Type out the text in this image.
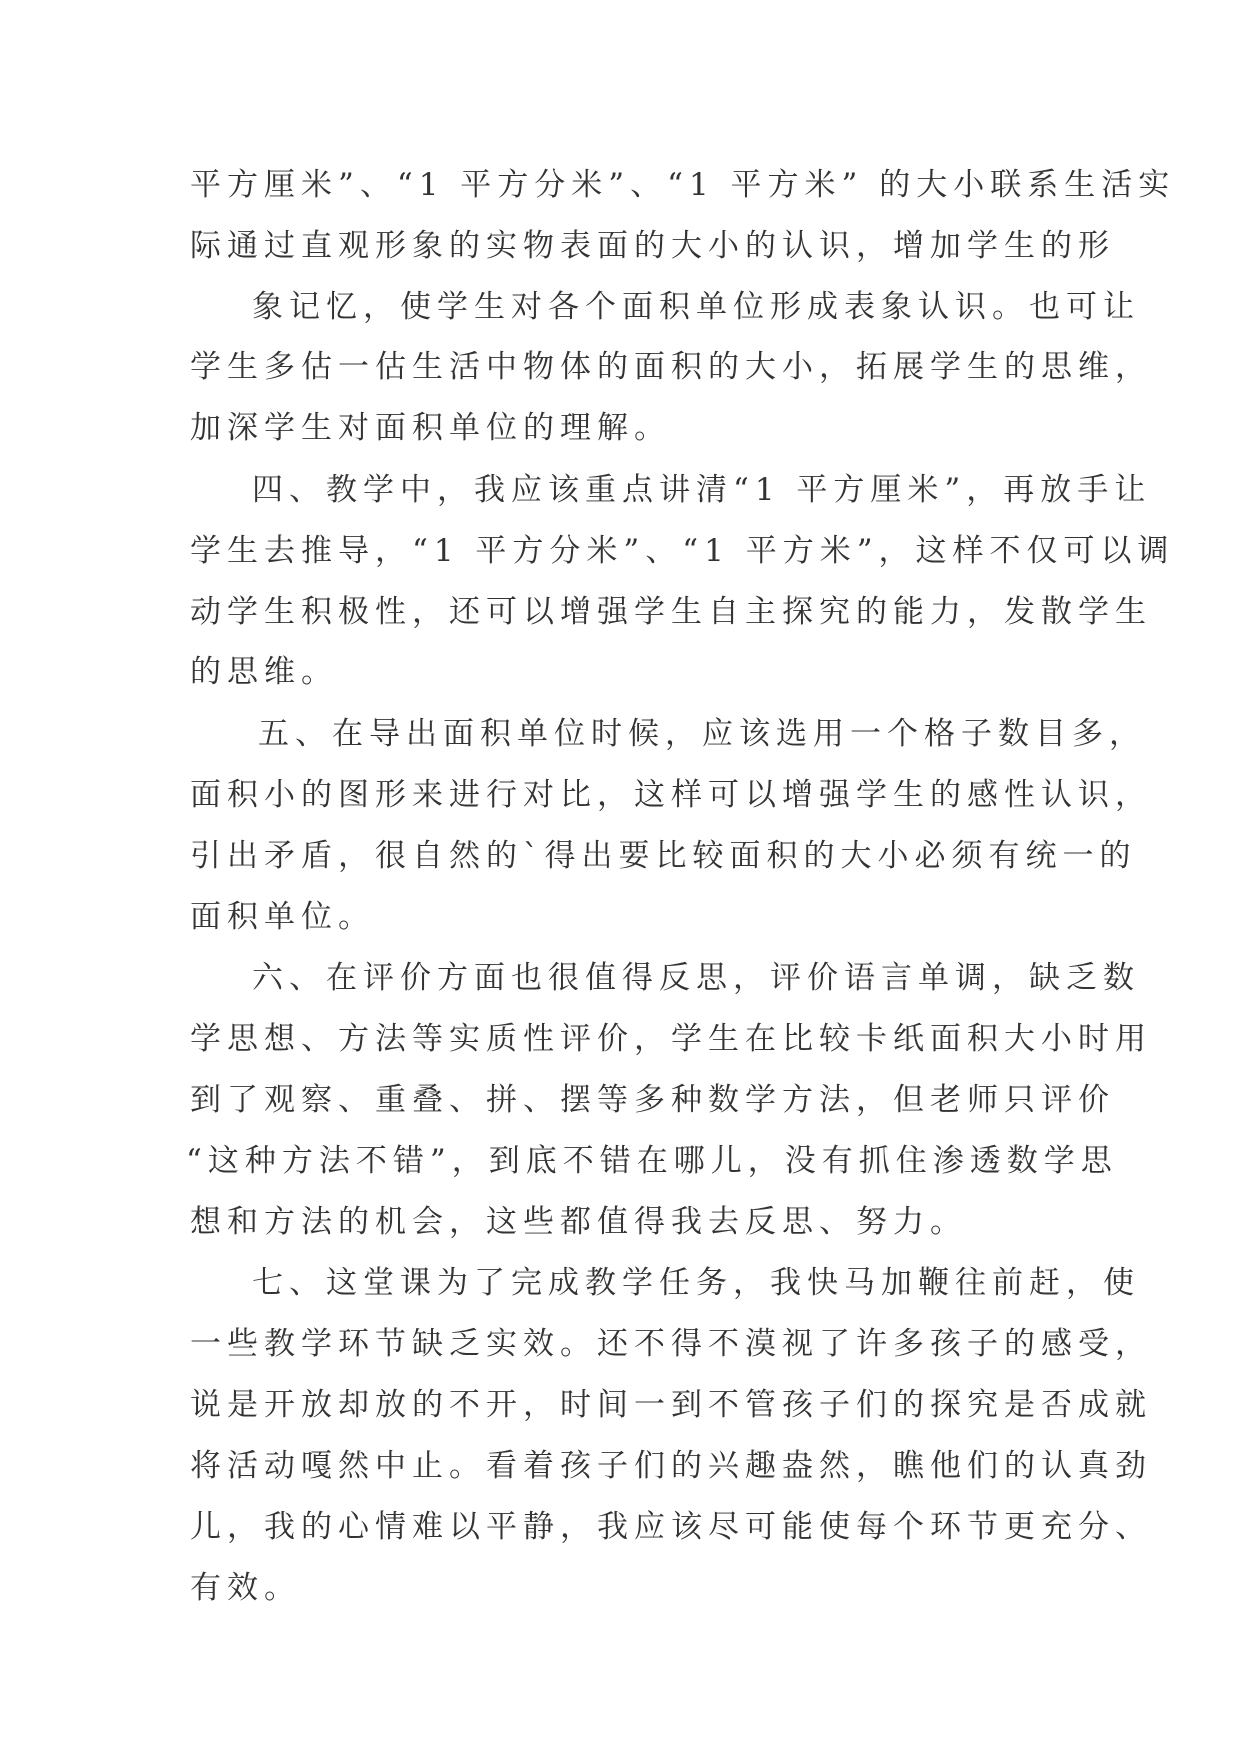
平方厘米”、“1 平方分米”、“1 平方米” 的大小联系生活实
际通过直观形象的实物表面的大小的认识，增加学生的形
象记忆，使学生对各个面积单位形成表象认识。也可让
学生多估一估生活中物体的面积的大小，拓展学生的思维，
加深学生对面积单位的理解。
四、教学中，我应该重点讲清“1 平方厘米”，再放手让
学生去推导，“1 平方分米”、“1 平方米”，这样不仅可以调
动学生积极性，还可以增强学生自主探究的能力，发散学生
的思维。
五、在导出面积单位时候，应该选用一个格子数目多，
面积小的图形来进行对比，这样可以增强学生的感性认识，
引出矛盾，很自然的`得出要比较面积的大小必须有统一的
面积单位。
六、在评价方面也很值得反思，评价语言单调，缺乏数
学思想、方法等实质性评价，学生在比较卡纸面积大小时用
到了观察、重叠、拼、摆等多种数学方法，但老师只评价
“这种方法不错”，到底不错在哪儿，没有抓住渗透数学思
想和方法的机会，这些都值得我去反思、努力。
七、这堂课为了完成教学任务，我快马加鞭往前赶，使
一些教学环节缺乏实效。还不得不漠视了许多孩子的感受，
说是开放却放的不开，时间一到不管孩子们的探究是否成就
将活动嘎然中止。看着孩子们的兴趣盎然，瞧他们的认真劲
儿，我的心情难以平静，我应该尽可能使每个环节更充分、
有效。
